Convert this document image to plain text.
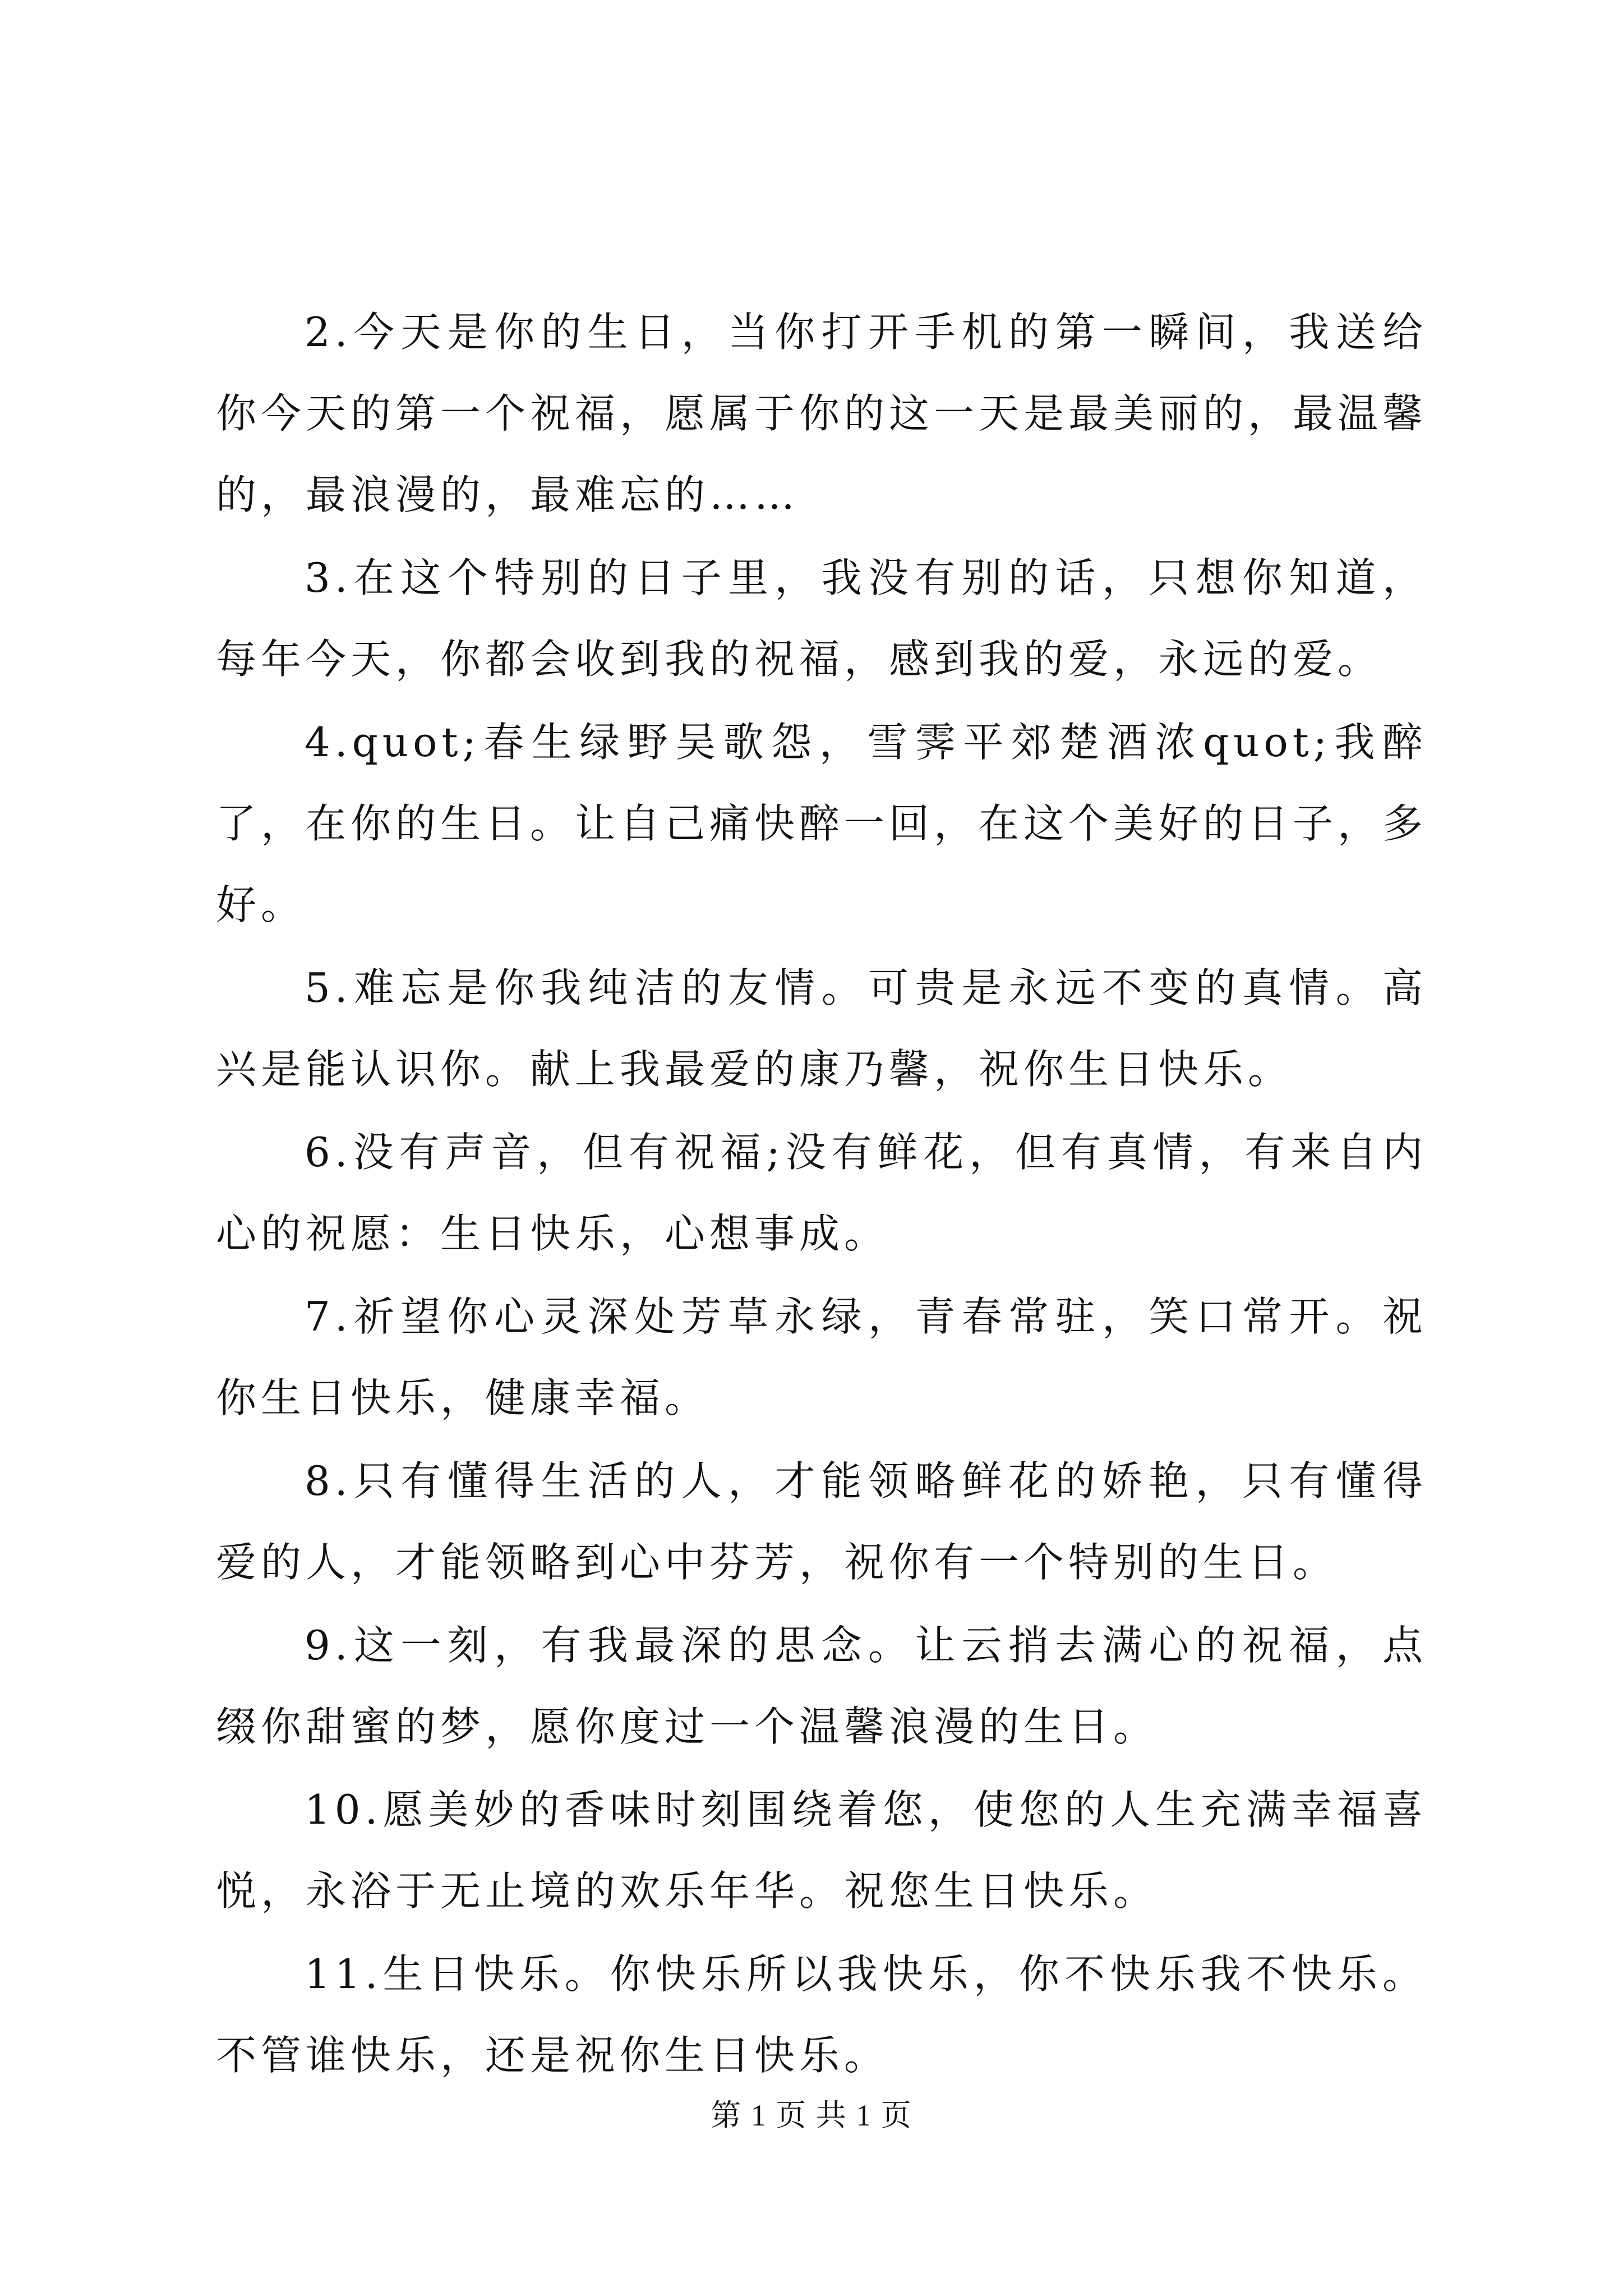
2.今天是你的生日，当你打开手机的第一瞬间，我送给你今天的第一个祝福，愿属于你的这一天是最美丽的，最温馨的，最浪漫的，最难忘的……

3.在这个特别的日子里，我没有别的话，只想你知道，每年今天，你都会收到我的祝福，感到我的爱，永远的爱。

4.quot;春生绿野吴歌怨，雪霁平郊楚酒浓quot;我醉了，在你的生日。让自己痛快醉一回，在这个美好的日子，多好。

5.难忘是你我纯洁的友情。可贵是永远不变的真情。高兴是能认识你。献上我最爱的康乃馨，祝你生日快乐。

6.没有声音，但有祝福;没有鲜花，但有真情，有来自内心的祝愿：生日快乐，心想事成。

7.祈望你心灵深处芳草永绿，青春常驻，笑口常开。祝你生日快乐，健康幸福。

8.只有懂得生活的人，才能领略鲜花的娇艳，只有懂得爱的人，才能领略到心中芬芳，祝你有一个特别的生日。

9.这一刻，有我最深的思念。让云捎去满心的祝福，点缀你甜蜜的梦，愿你度过一个温馨浪漫的生日。

10.愿美妙的香味时刻围绕着您，使您的人生充满幸福喜悦，永浴于无止境的欢乐年华。祝您生日快乐。

11.生日快乐。你快乐所以我快乐，你不快乐我不快乐。不管谁快乐，还是祝你生日快乐。

第 1 页 共 1 页
